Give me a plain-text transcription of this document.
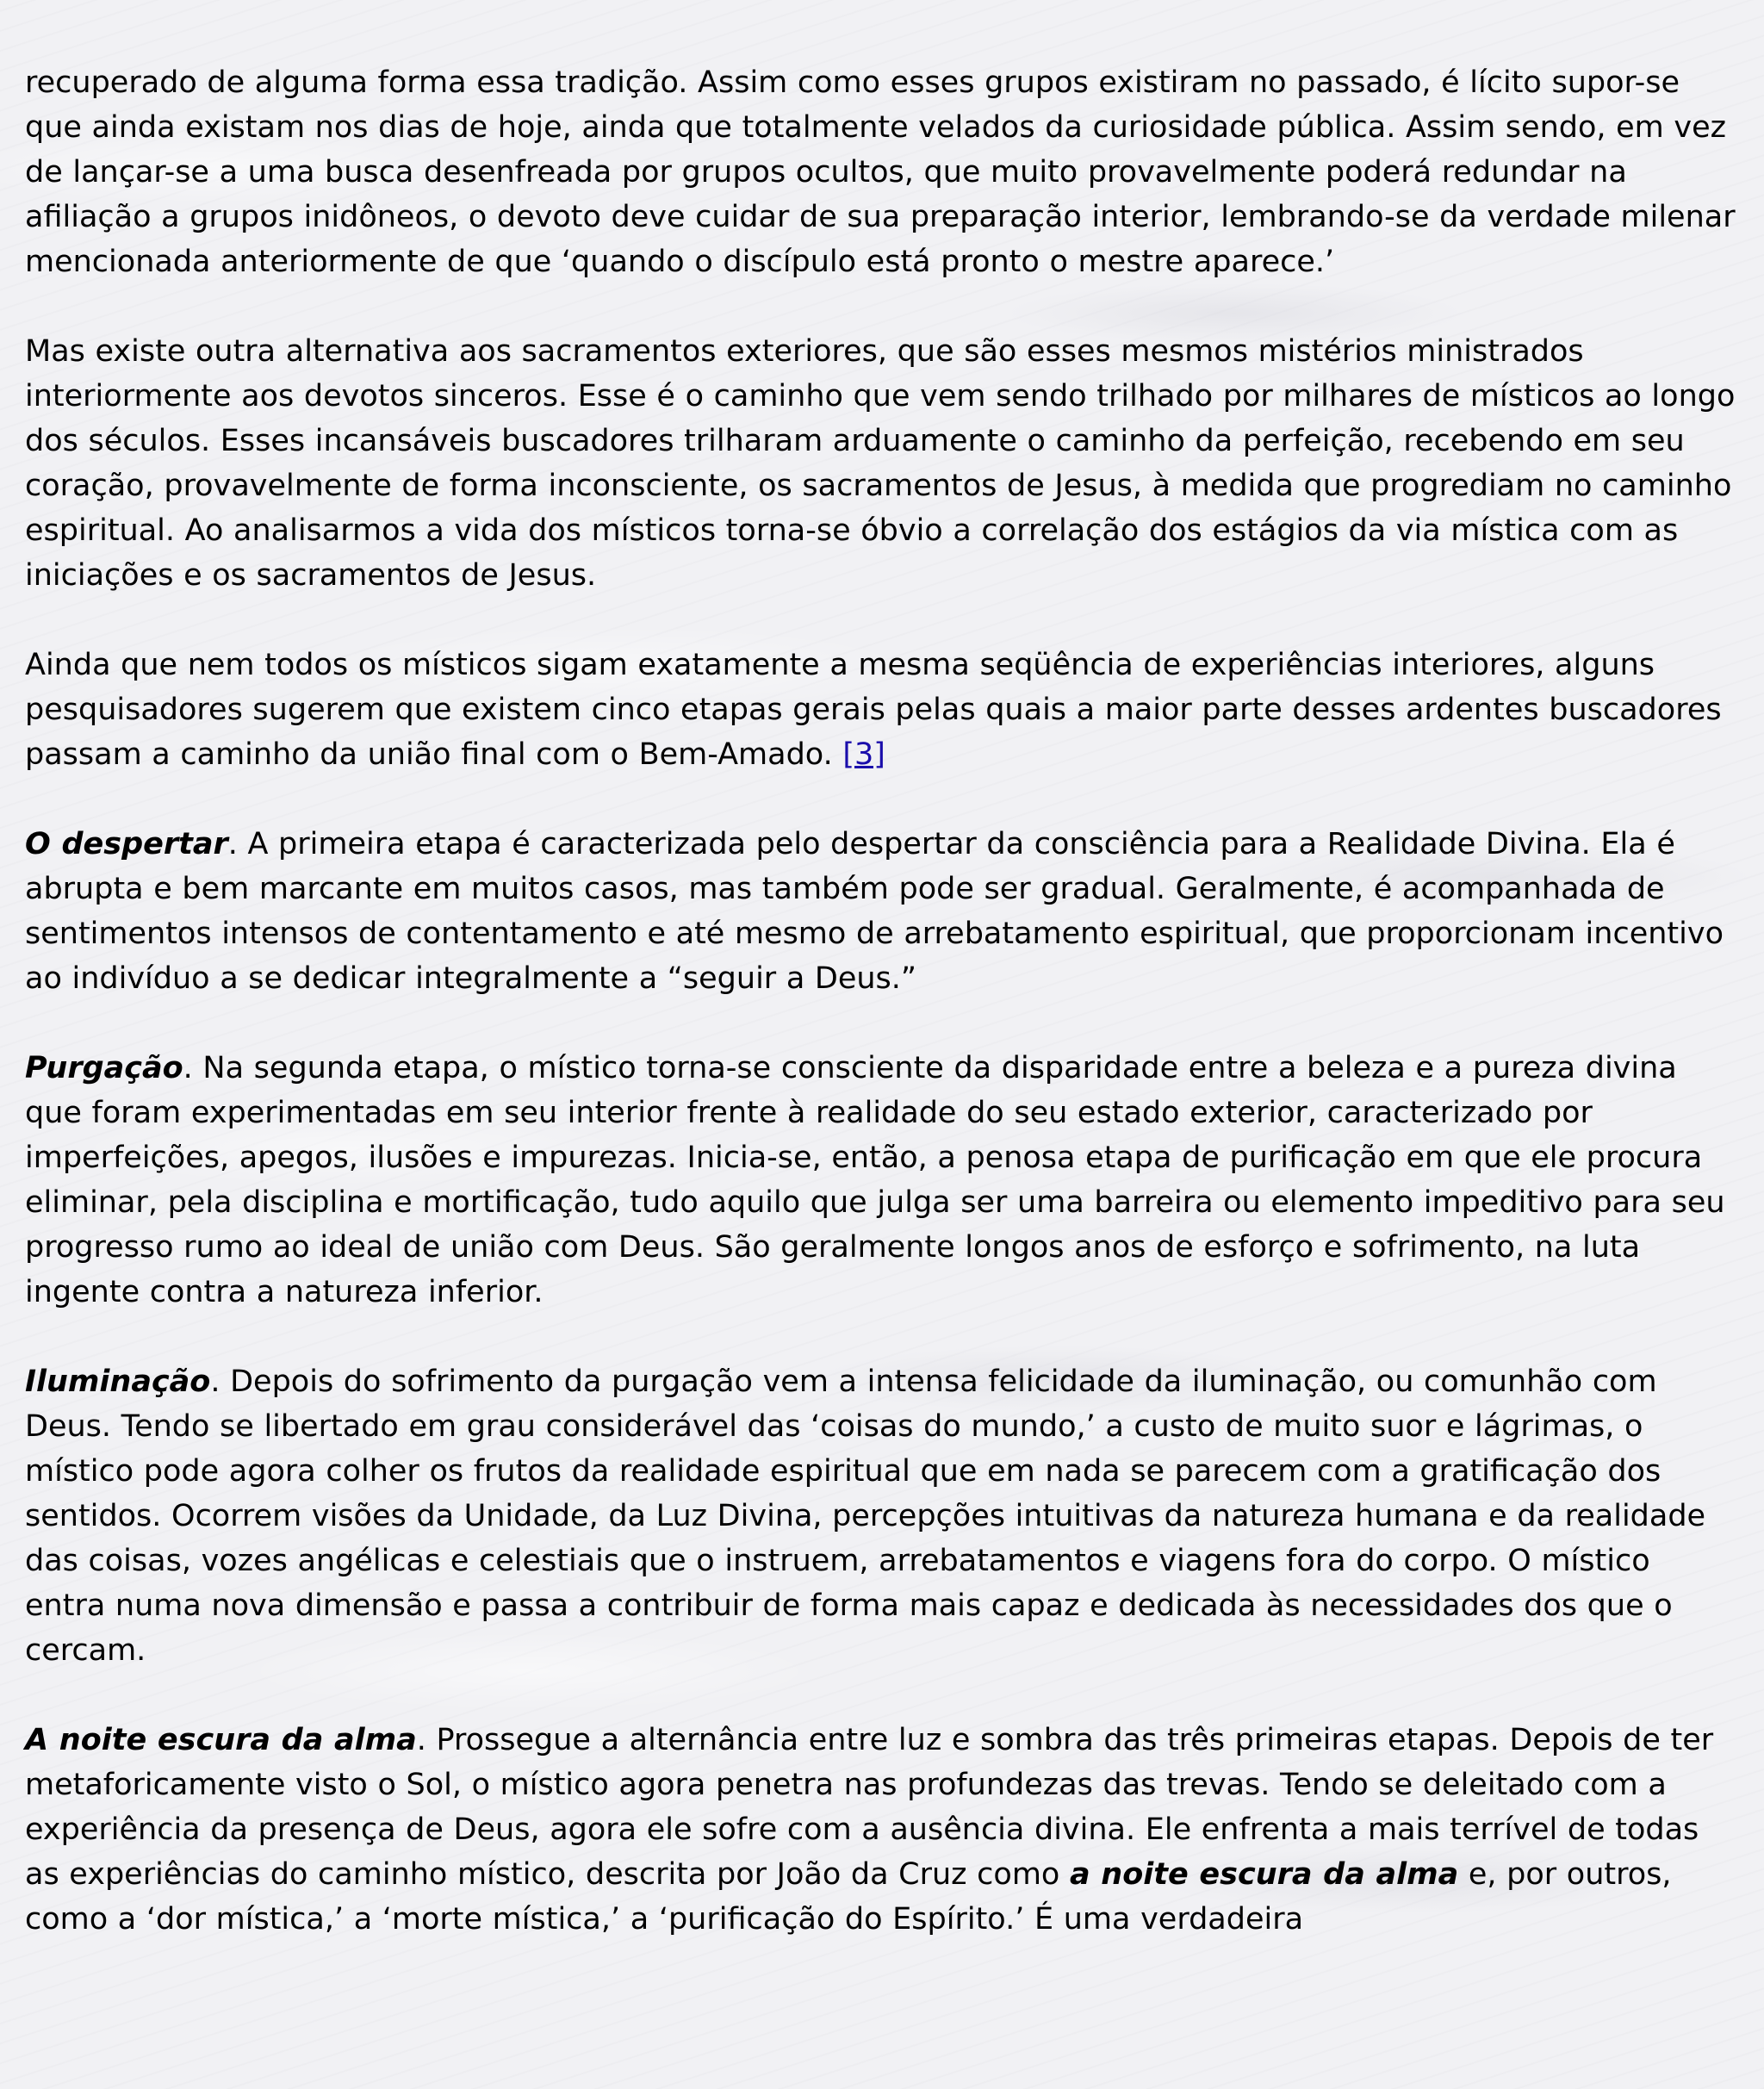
recuperado de alguma forma essa tradição. Assim como esses grupos existiram no passado, é lícito supor-se que ainda existam nos dias de hoje, ainda que totalmente velados da curiosidade pública. Assim sendo, em vez de lançar-se a uma busca desenfreada por grupos ocultos, que muito provavelmente poderá redundar na afiliação a grupos inidôneos, o devoto deve cuidar de sua preparação interior, lembrando-se da verdade milenar mencionada anteriormente de que ‘quando o discípulo está pronto o mestre aparece.’

Mas existe outra alternativa aos sacramentos exteriores, que são esses mesmos mistérios ministrados interiormente aos devotos sinceros. Esse é o caminho que vem sendo trilhado por milhares de místicos ao longo dos séculos. Esses incansáveis buscadores trilharam arduamente o caminho da perfeição, recebendo em seu coração, provavelmente de forma inconsciente, os sacramentos de Jesus, à medida que progrediam no caminho espiritual. Ao analisarmos a vida dos místicos torna-se óbvio a correlação dos estágios da via mística com as iniciações e os sacramentos de Jesus.

Ainda que nem todos os místicos sigam exatamente a mesma seqüência de experiências interiores, alguns pesquisadores sugerem que existem cinco etapas gerais pelas quais a maior parte desses ardentes buscadores passam a caminho da união final com o Bem-Amado. [3]

O despertar. A primeira etapa é caracterizada pelo despertar da consciência para a Realidade Divina. Ela é abrupta e bem marcante em muitos casos, mas também pode ser gradual. Geralmente, é acompanhada de sentimentos intensos de contentamento e até mesmo de arrebatamento espiritual, que proporcionam incentivo ao indivíduo a se dedicar integralmente a “seguir a Deus.”

Purgação. Na segunda etapa, o místico torna-se consciente da disparidade entre a beleza e a pureza divina que foram experimentadas em seu interior frente à realidade do seu estado exterior, caracterizado por imperfeições, apegos, ilusões e impurezas. Inicia-se, então, a penosa etapa de purificação em que ele procura eliminar, pela disciplina e mortificação, tudo aquilo que julga ser uma barreira ou elemento impeditivo para seu progresso rumo ao ideal de união com Deus. São geralmente longos anos de esforço e sofrimento, na luta ingente contra a natureza inferior.

Iluminação. Depois do sofrimento da purgação vem a intensa felicidade da iluminação, ou comunhão com Deus. Tendo se libertado em grau considerável das ‘coisas do mundo,’ a custo de muito suor e lágrimas, o místico pode agora colher os frutos da realidade espiritual que em nada se parecem com a gratificação dos sentidos. Ocorrem visões da Unidade, da Luz Divina, percepções intuitivas da natureza humana e da realidade das coisas, vozes angélicas e celestiais que o instruem, arrebatamentos e viagens fora do corpo. O místico entra numa nova dimensão e passa a contribuir de forma mais capaz e dedicada às necessidades dos que o cercam.

A noite escura da alma. Prossegue a alternância entre luz e sombra das três primeiras etapas. Depois de ter metaforicamente visto o Sol, o místico agora penetra nas profundezas das trevas. Tendo se deleitado com a experiência da presença de Deus, agora ele sofre com a ausência divina. Ele enfrenta a mais terrível de todas as experiências do caminho místico, descrita por João da Cruz como a noite escura da alma e, por outros, como a ‘dor mística,’ a ‘morte mística,’ a ‘purificação do Espírito.’ É uma verdadeira
